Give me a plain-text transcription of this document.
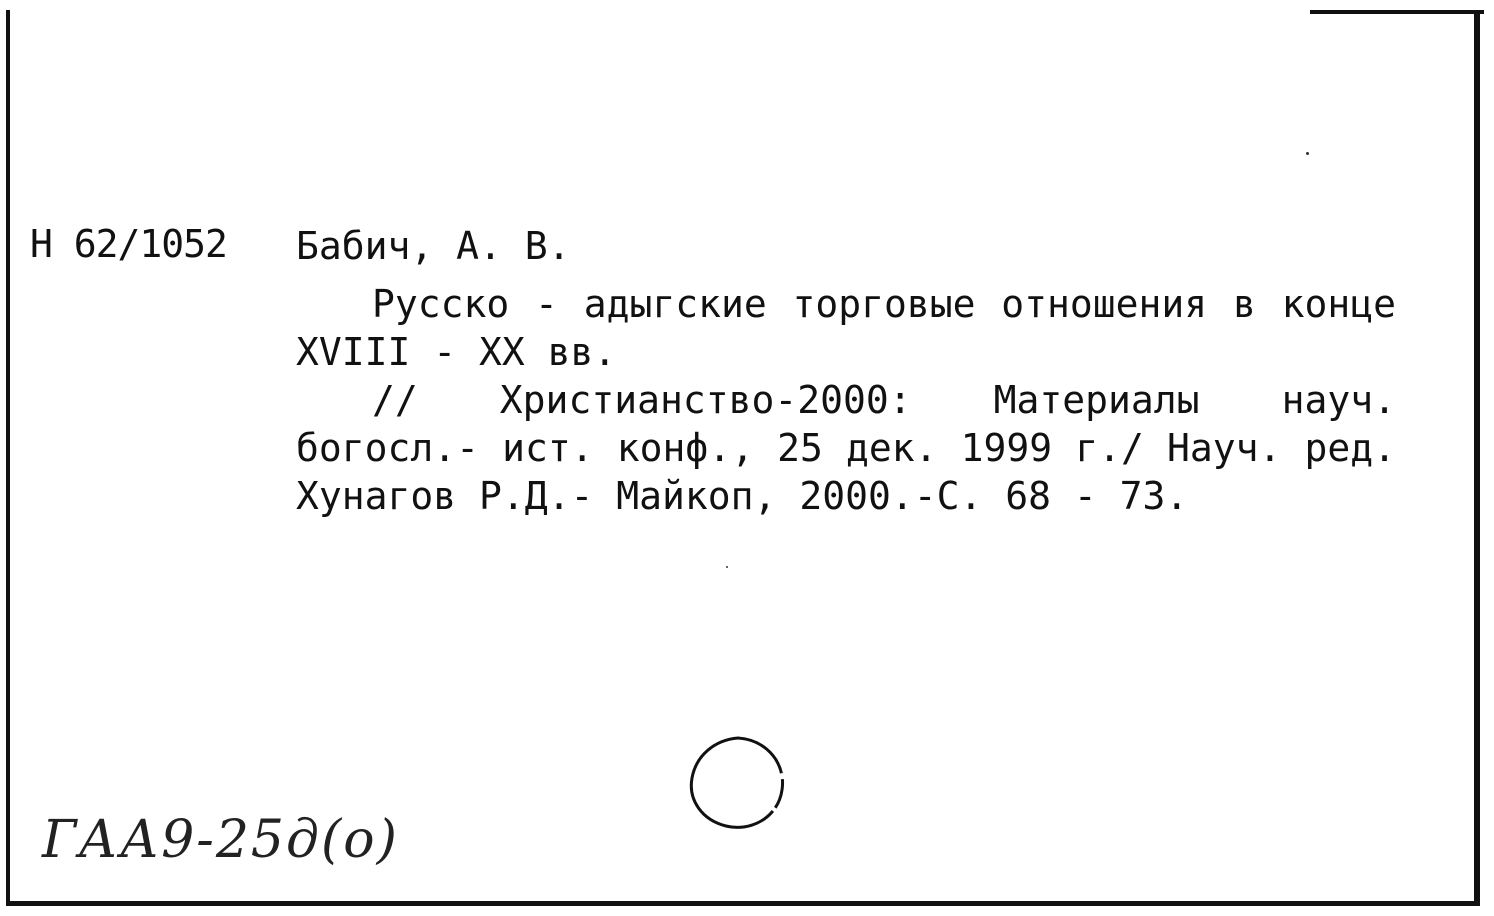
Н 62/1052 Бабич, А. В.
Русско - адыгские торговые отношения в конце XVIII - XX вв.
// Христианство-2000: Материалы науч. богосл.- ист. конф., 25 дек. 1999 г./ Науч. ред. Хунагов Р.Д.- Майкоп, 2000.-С. 68 - 73.
ГАА9-25д(о)
